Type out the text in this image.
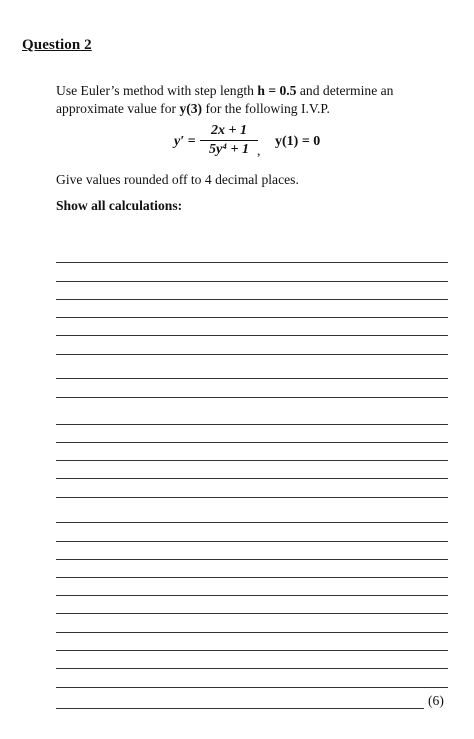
Question 2
Use Euler’s method with step length h = 0.5 and determine an approximate value for y(3) for the following I.V.P.
y′ =
2x + 1
5y⁴ + 1 ,
y(1) = 0
Give values rounded off to 4 decimal places.
Show all calculations:
(6)
